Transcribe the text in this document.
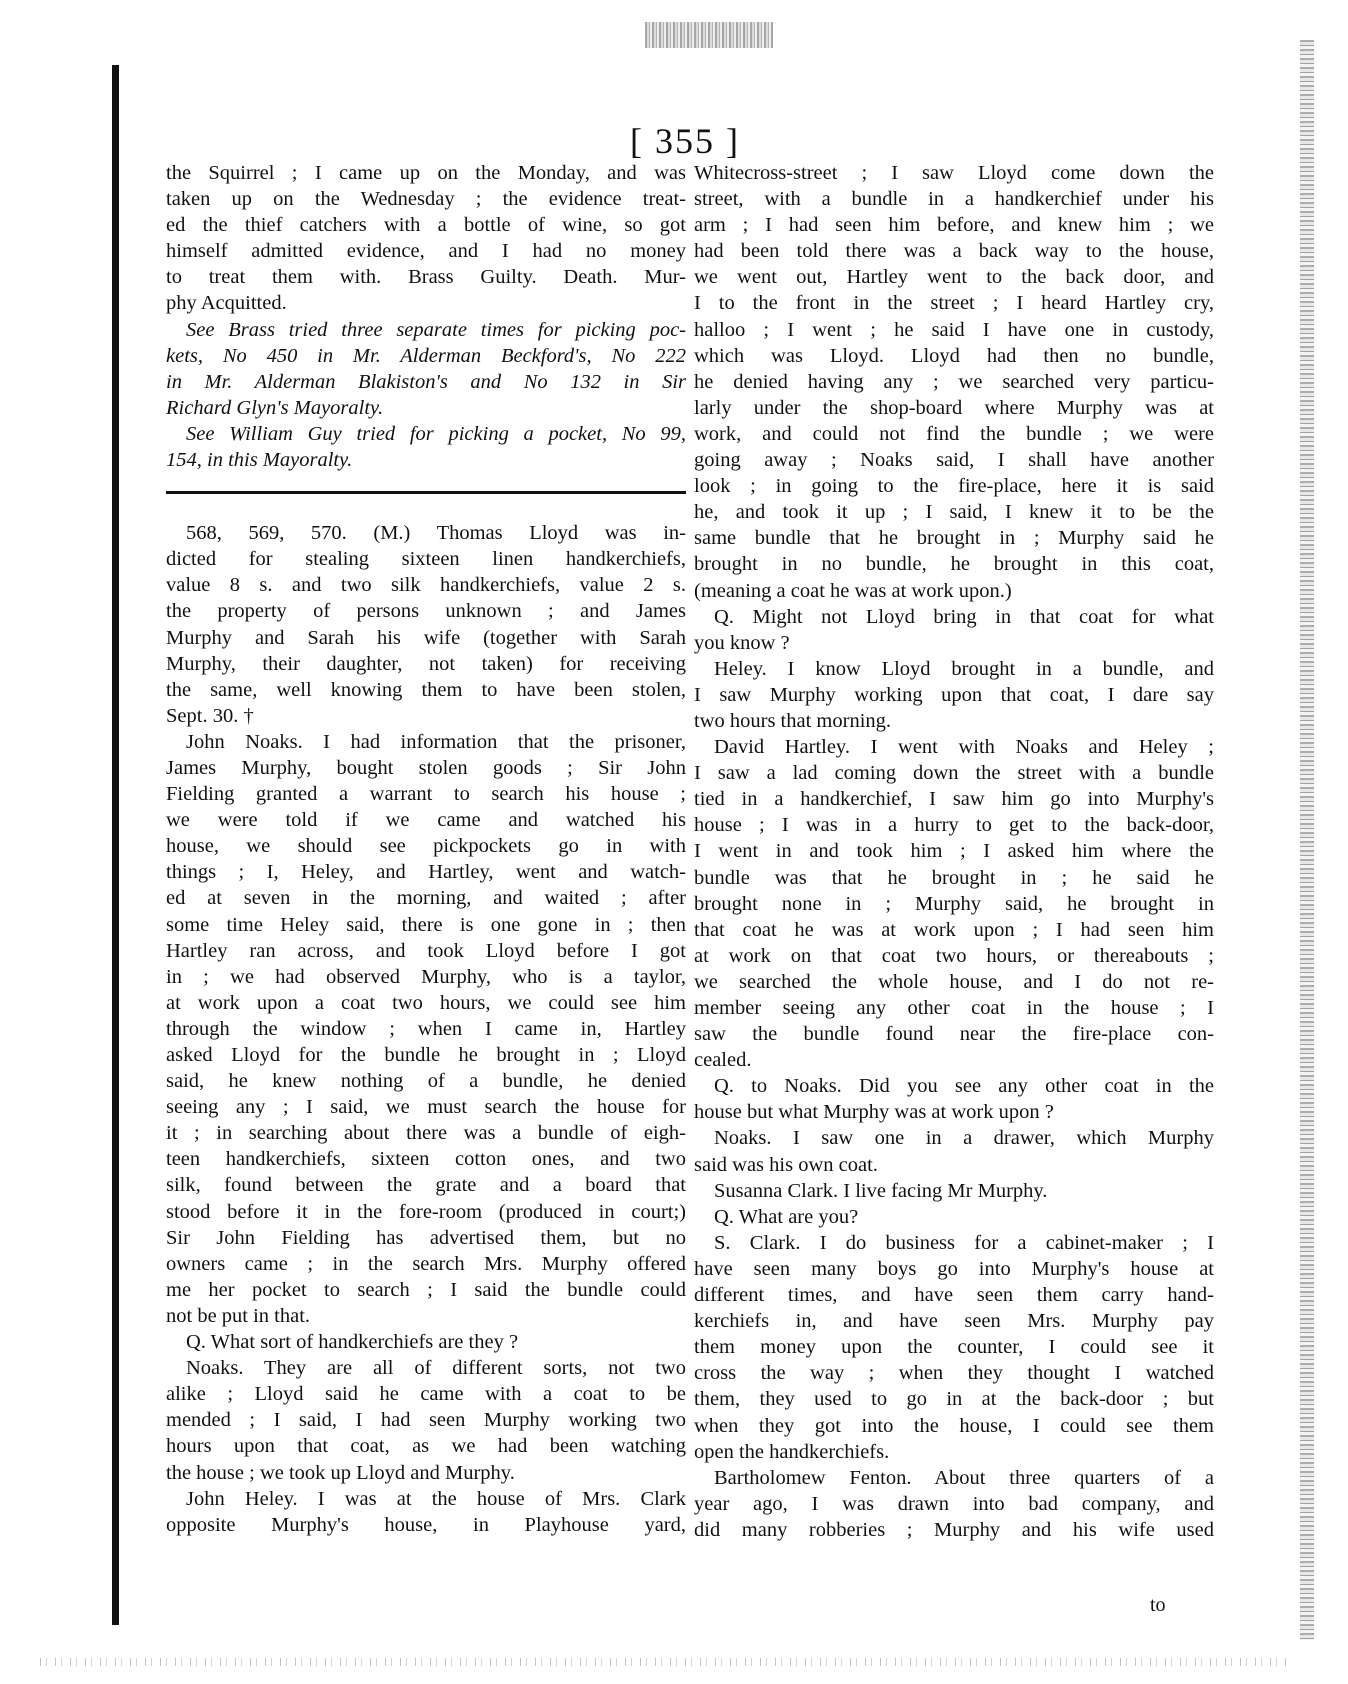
[ 355 ]
the Squirrel ; I came up on the Monday, and was
taken up on the Wednesday ; the evidence treat-
ed the thief catchers with a bottle of wine, so got
himself admitted evidence, and I had no money
to treat them with. Brass Guilty. Death. Mur-
phy Acquitted.
See Brass tried three separate times for picking poc-
kets, No 450 in Mr. Alderman Beckford's, No 222
in Mr. Alderman Blakiston's and No 132 in Sir
Richard Glyn's Mayoralty.
See William Guy tried for picking a pocket, No 99,
154, in this Mayoralty.
568, 569, 570. (M.) Thomas Lloyd was in-
dicted for stealing sixteen linen handkerchiefs,
value 8 s. and two silk handkerchiefs, value 2 s.
the property of persons unknown ; and James
Murphy and Sarah his wife (together with Sarah
Murphy, their daughter, not taken) for receiving
the same, well knowing them to have been stolen,
Sept. 30. †
John Noaks. I had information that the prisoner,
James Murphy, bought stolen goods ; Sir John
Fielding granted a warrant to search his house ;
we were told if we came and watched his
house, we should see pickpockets go in with
things ; I, Heley, and Hartley, went and watch-
ed at seven in the morning, and waited ; after
some time Heley said, there is one gone in ; then
Hartley ran across, and took Lloyd before I got
in ; we had observed Murphy, who is a taylor,
at work upon a coat two hours, we could see him
through the window ; when I came in, Hartley
asked Lloyd for the bundle he brought in ; Lloyd
said, he knew nothing of a bundle, he denied
seeing any ; I said, we must search the house for
it ; in searching about there was a bundle of eigh-
teen handkerchiefs, sixteen cotton ones, and two
silk, found between the grate and a board that
stood before it in the fore-room (produced in court;)
Sir John Fielding has advertised them, but no
owners came ; in the search Mrs. Murphy offered
me her pocket to search ; I said the bundle could
not be put in that.
Q. What sort of handkerchiefs are they ?
Noaks. They are all of different sorts, not two
alike ; Lloyd said he came with a coat to be
mended ; I said, I had seen Murphy working two
hours upon that coat, as we had been watching
the house ; we took up Lloyd and Murphy.
John Heley. I was at the house of Mrs. Clark
opposite Murphy's house, in Playhouse yard,
Whitecross-street ; I saw Lloyd come down the
street, with a bundle in a handkerchief under his
arm ; I had seen him before, and knew him ; we
had been told there was a back way to the house,
we went out, Hartley went to the back door, and
I to the front in the street ; I heard Hartley cry,
halloo ; I went ; he said I have one in custody,
which was Lloyd. Lloyd had then no bundle,
he denied having any ; we searched very particu-
larly under the shop-board where Murphy was at
work, and could not find the bundle ; we were
going away ; Noaks said, I shall have another
look ; in going to the fire-place, here it is said
he, and took it up ; I said, I knew it to be the
same bundle that he brought in ; Murphy said he
brought in no bundle, he brought in this coat,
(meaning a coat he was at work upon.)
Q. Might not Lloyd bring in that coat for what
you know ?
Heley. I know Lloyd brought in a bundle, and
I saw Murphy working upon that coat, I dare say
two hours that morning.
David Hartley. I went with Noaks and Heley ;
I saw a lad coming down the street with a bundle
tied in a handkerchief, I saw him go into Murphy's
house ; I was in a hurry to get to the back-door,
I went in and took him ; I asked him where the
bundle was that he brought in ; he said he
brought none in ; Murphy said, he brought in
that coat he was at work upon ; I had seen him
at work on that coat two hours, or thereabouts ;
we searched the whole house, and I do not re-
member seeing any other coat in the house ; I
saw the bundle found near the fire-place con-
cealed.
Q. to Noaks. Did you see any other coat in the
house but what Murphy was at work upon ?
Noaks. I saw one in a drawer, which Murphy
said was his own coat.
Susanna Clark. I live facing Mr Murphy.
Q. What are you?
S. Clark. I do business for a cabinet-maker ; I
have seen many boys go into Murphy's house at
different times, and have seen them carry hand-
kerchiefs in, and have seen Mrs. Murphy pay
them money upon the counter, I could see it
cross the way ; when they thought I watched
them, they used to go in at the back-door ; but
when they got into the house, I could see them
open the handkerchiefs.
Bartholomew Fenton. About three quarters of a
year ago, I was drawn into bad company, and
did many robberies ; Murphy and his wife used
to
